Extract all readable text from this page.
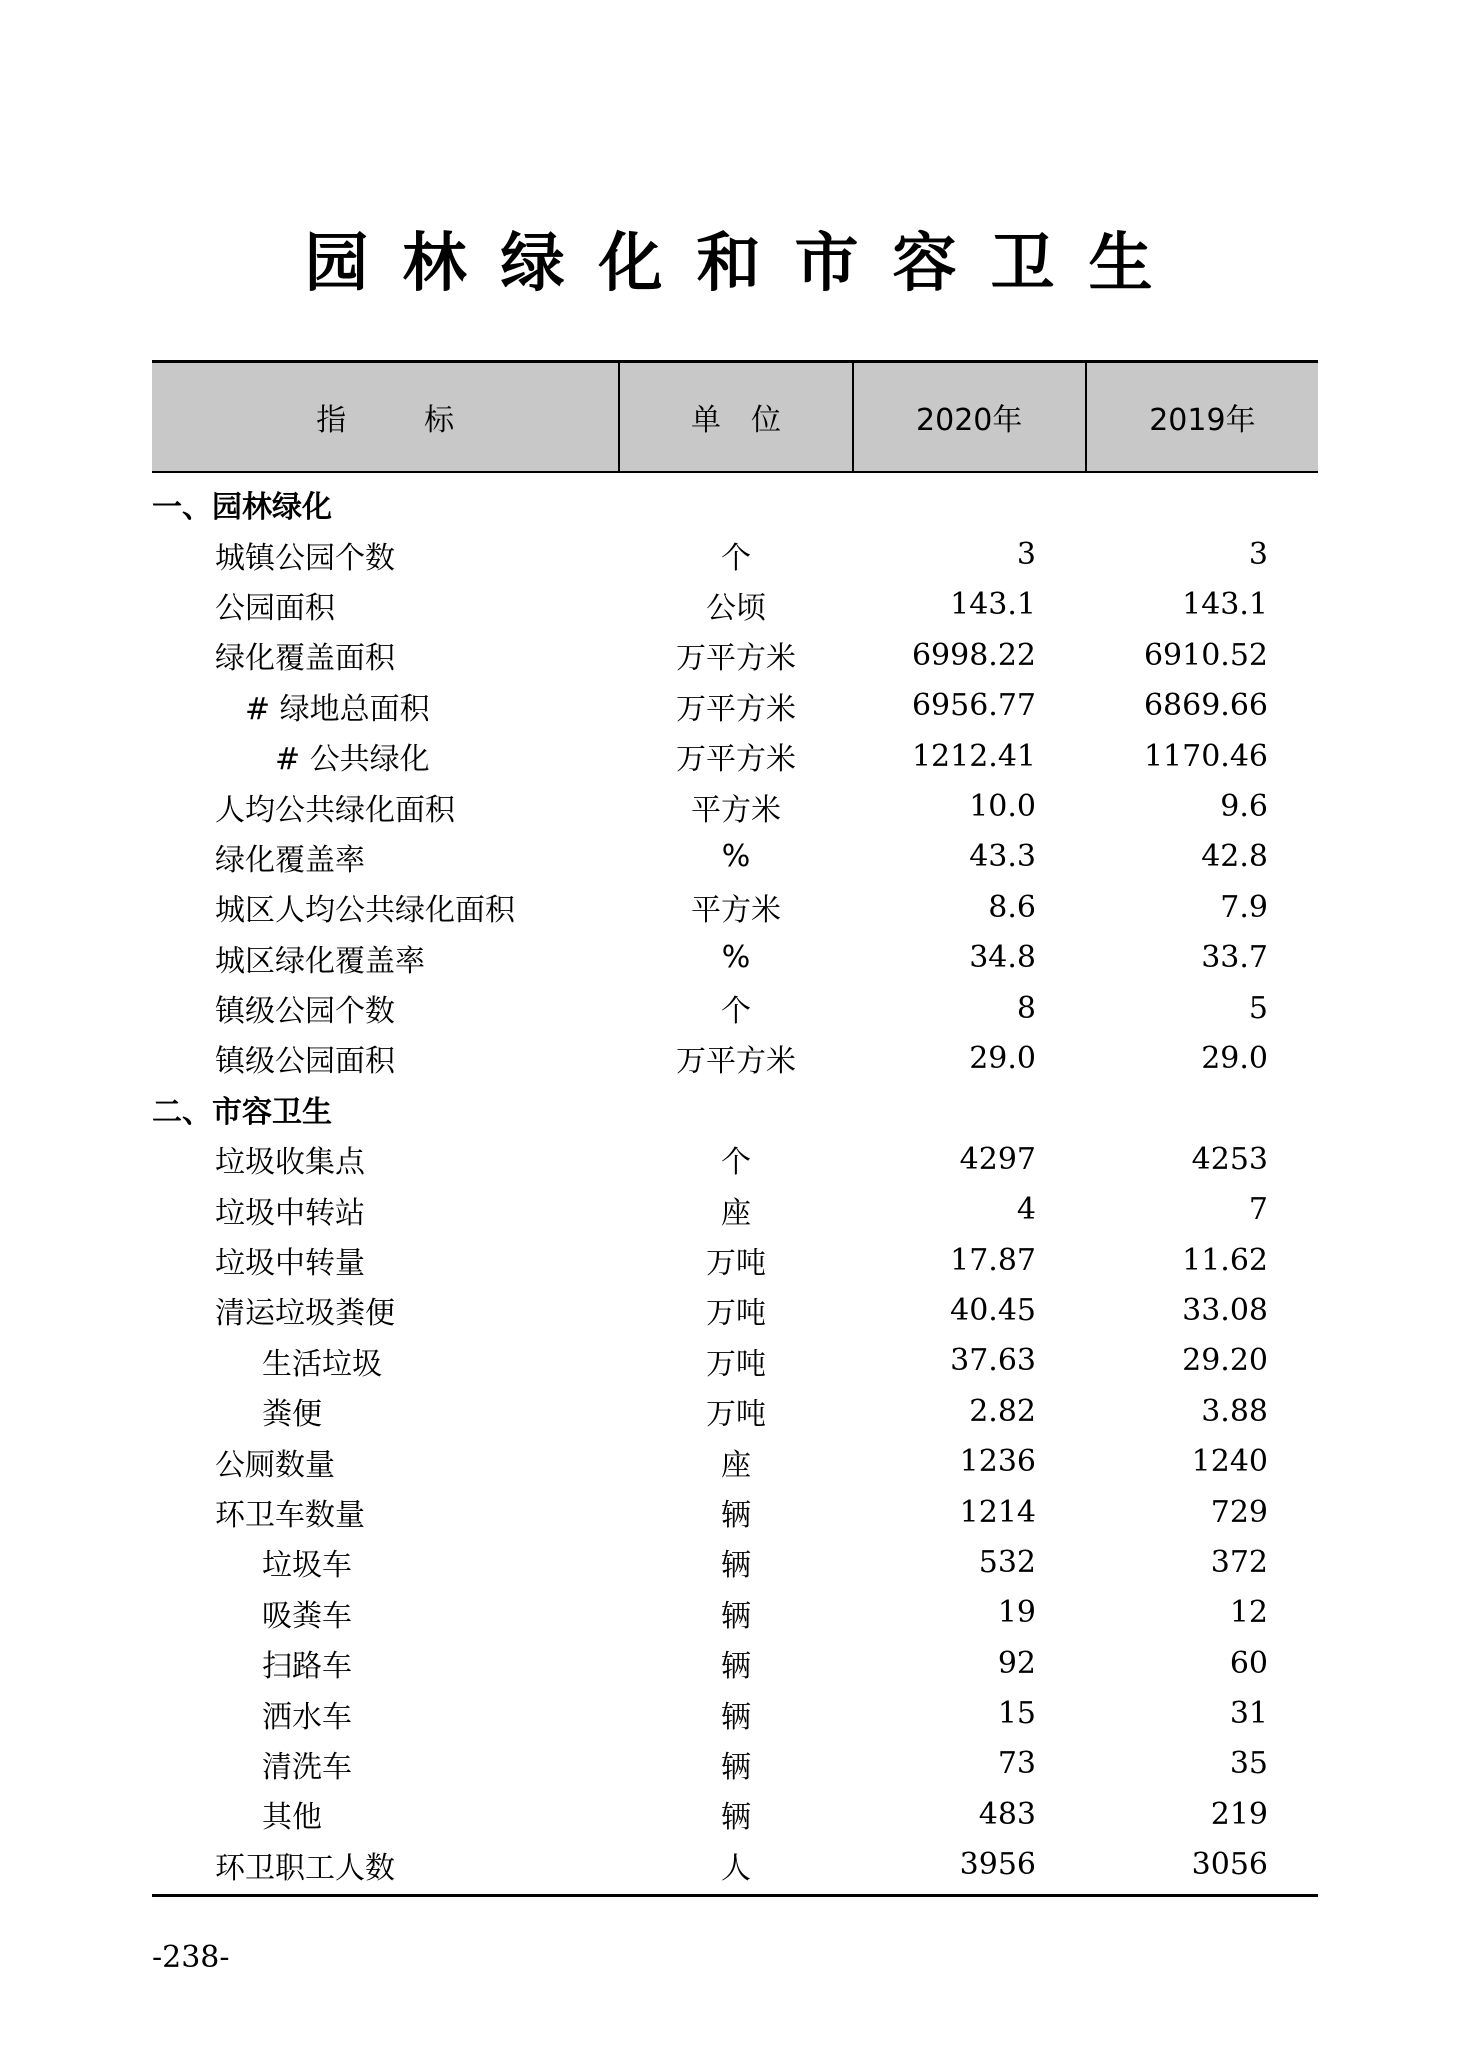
园林绿化和市容卫生
指标	单位	2020年	2019年
一、园林绿化
城镇公园个数	个	3	3
公园面积	公顷	143.1	143.1
绿化覆盖面积	万平方米	6998.22	6910.52
# 绿地总面积	万平方米	6956.77	6869.66
# 公共绿化	万平方米	1212.41	1170.46
人均公共绿化面积	平方米	10.0	9.6
绿化覆盖率	%	43.3	42.8
城区人均公共绿化面积	平方米	8.6	7.9
城区绿化覆盖率	%	34.8	33.7
镇级公园个数	个	8	5
镇级公园面积	万平方米	29.0	29.0
二、市容卫生
垃圾收集点	个	4297	4253
垃圾中转站	座	4	7
垃圾中转量	万吨	17.87	11.62
清运垃圾粪便	万吨	40.45	33.08
生活垃圾	万吨	37.63	29.20
粪便	万吨	2.82	3.88
公厕数量	座	1236	1240
环卫车数量	辆	1214	729
垃圾车	辆	532	372
吸粪车	辆	19	12
扫路车	辆	92	60
洒水车	辆	15	31
清洗车	辆	73	35
其他	辆	483	219
环卫职工人数	人	3956	3056
-238-
